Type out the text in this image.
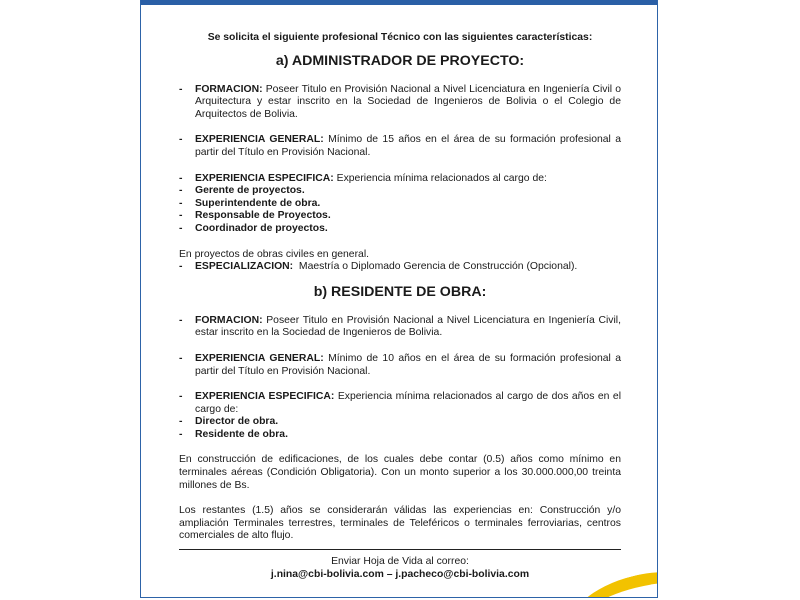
Se solicita el siguiente profesional Técnico con las siguientes características:
a) ADMINISTRADOR DE PROYECTO:
-	FORMACION: Poseer Titulo en Provisión Nacional a Nivel Licenciatura en Ingeniería Civil o Arquitectura y estar inscrito en la Sociedad de Ingenieros de Bolivia o el Colegio de Arquitectos de Bolivia.
-	EXPERIENCIA GENERAL: Mínimo de 15 años en el área de su formación profesional a partir del Título en Provisión Nacional.
-	EXPERIENCIA ESPECIFICA: Experiencia mínima relacionados al cargo de:
-	Gerente de proyectos.
-	Superintendente de obra.
-	Responsable de Proyectos.
-	Coordinador de proyectos.
En proyectos de obras civiles en general.
-	ESPECIALIZACION: Maestría o Diplomado Gerencia de Construcción (Opcional).
b) RESIDENTE DE OBRA:
-	FORMACION: Poseer Titulo en Provisión Nacional a Nivel Licenciatura en Ingeniería Civil, estar inscrito en la Sociedad de Ingenieros de Bolivia.
-	EXPERIENCIA GENERAL: Mínimo de 10 años en el área de su formación profesional a partir del Título en Provisión Nacional.
-	EXPERIENCIA ESPECIFICA: Experiencia mínima relacionados al cargo de dos años en el cargo de:
-	Director de obra.
-	Residente de obra.
En construcción de edificaciones, de los cuales debe contar (0.5) años como mínimo en terminales aéreas (Condición Obligatoria). Con un monto superior a los 30.000.000,00 treinta millones de Bs.
Los restantes (1.5) años se considerarán válidas las experiencias en: Construcción y/o ampliación Terminales terrestres, terminales de Teleféricos o terminales ferroviarias, centros comerciales de alto flujo.
Enviar Hoja de Vida al correo:
j.nina@cbi-bolivia.com – j.pacheco@cbi-bolivia.com
